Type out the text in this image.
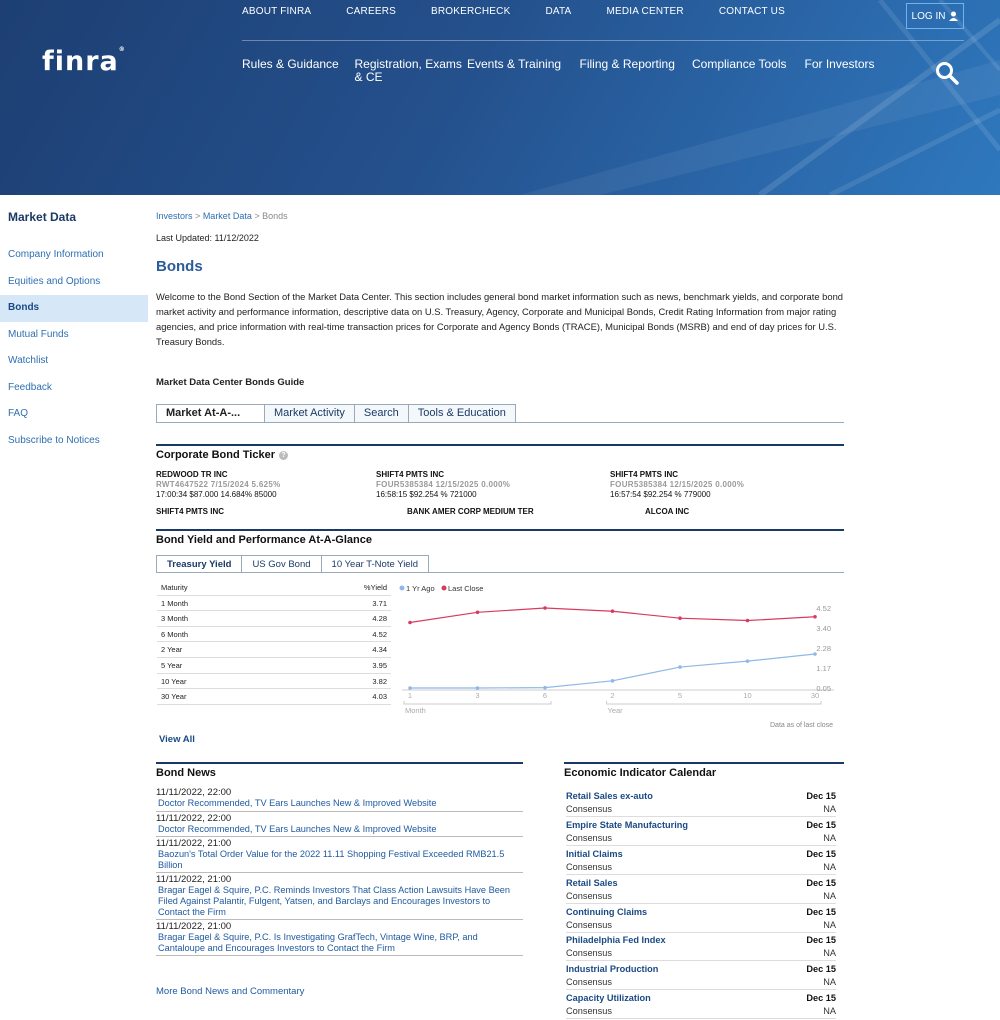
finra®
ABOUT FINRA	CAREERS	BROKERCHECK	DATA	MEDIA CENTER	CONTACT US	LOG IN
Rules & Guidance	Registration, Exams & CE
Events & Training	Filing & Reporting	Compliance Tools	For Investors
Market Data
Company Information
Equities and Options
Bonds
Mutual Funds
Watchlist
Feedback
FAQ
Subscribe to Notices
Investors > Market Data > Bonds
Last Updated: 11/12/2022
Bonds
Welcome to the Bond Section of the Market Data Center. This section includes general bond market information such as news, benchmark yields, and corporate bond market activity and performance information, descriptive data on U.S. Treasury, Agency, Corporate and Municipal Bonds, Credit Rating Information from major rating agencies, and price information with real-time transaction prices for Corporate and Agency Bonds (TRACE), Municipal Bonds (MSRB) and end of day prices for U.S. Treasury Bonds.
Market Data Center Bonds Guide
Market At-A-...	Market Activity	Search	Tools & Education
Corporate Bond Ticker ?
REDWOOD TR INC
RWT4647522 7/15/2024 5.625%
17:00:34 $87.000 14.684% 85000
SHIFT4 PMTS INC
FOUR5385384 12/15/2025 0.000%
16:58:15 $92.254 % 721000
SHIFT4 PMTS INC
FOUR5385384 12/15/2025 0.000%
16:57:54 $92.254 % 779000
SHIFT4 PMTS INC	BANK AMER CORP MEDIUM TER	ALCOA INC
Bond Yield and Performance At-A-Glance
Treasury Yield	US Gov Bond	10 Year T-Note Yield
Maturity	%Yield
1 Month	3.71
3 Month	4.28
6 Month	4.52
2 Year	4.34
5 Year	3.95
10 Year	3.82
30 Year	4.03
1 Yr Ago Last Close
4.52
3.40
2.28
1.17
0.05
1	3	6	2	5	10	30
Month	Year
Data as of last close
View All
Bond News
11/11/2022, 22:00
Doctor Recommended, TV Ears Launches New & Improved Website
11/11/2022, 22:00
Doctor Recommended, TV Ears Launches New & Improved Website
11/11/2022, 21:00
Baozun's Total Order Value for the 2022 11.11 Shopping Festival Exceeded RMB21.5 Billion
11/11/2022, 21:00
Bragar Eagel & Squire, P.C. Reminds Investors That Class Action Lawsuits Have Been Filed Against Palantir, Fulgent, Yatsen, and Barclays and Encourages Investors to Contact the Firm
11/11/2022, 21:00
Bragar Eagel & Squire, P.C. Is Investigating GrafTech, Vintage Wine, BRP, and Cantaloupe and Encourages Investors to Contact the Firm
More Bond News and Commentary
Economic Indicator Calendar
Retail Sales ex-auto	Dec 15
Consensus	NA
Empire State Manufacturing	Dec 15
Consensus	NA
Initial Claims	Dec 15
Consensus	NA
Retail Sales	Dec 15
Consensus	NA
Continuing Claims	Dec 15
Consensus	NA
Philadelphia Fed Index	Dec 15
Consensus	NA
Industrial Production	Dec 15
Consensus	NA
Capacity Utilization	Dec 15
Consensus	NA
